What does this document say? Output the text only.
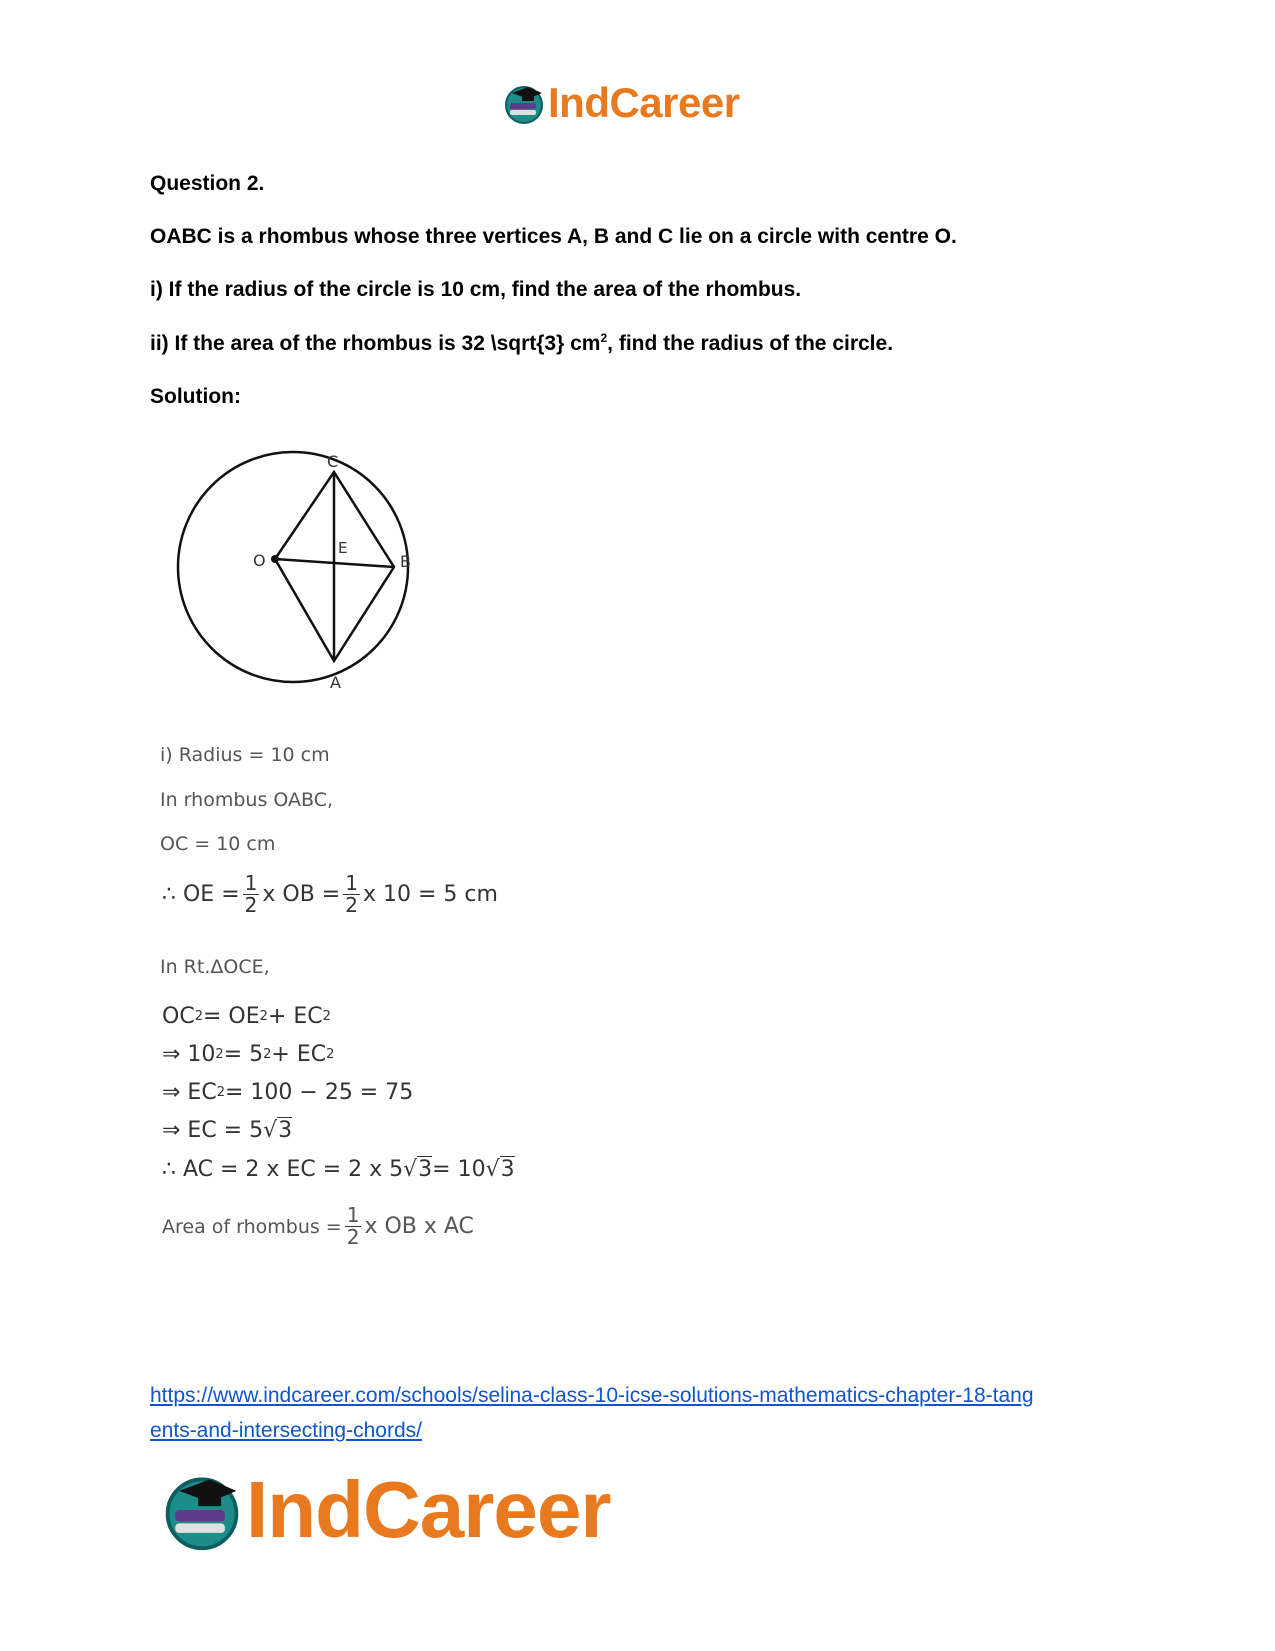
IndCareer
Question 2.
OABC is a rhombus whose three vertices A, B and C lie on a circle with centre O.
i) If the radius of the circle is 10 cm, find the area of the rhombus.
ii) If the area of the rhombus is 32 \sqrt{3} $cm^2$, find the radius of the circle.
Solution:
C
O
E
B
A
i) Radius = 10 cm
In rhombus OABC,
OC = 10 cm
∴ OE = $\frac{1}{2}$ x OB = $\frac{1}{2}$ x 10 = 5 cm
In Rt.ΔOCE,
OC 2 = OE 2 + EC 2
⇒ 10 2 = 5 2 + EC 2
⇒ EC 2 = 100 − 25 = 75
⇒ EC = 5 √3
∴ AC = 2 x EC = 2 x 5 √3 = 10 √3
Area of rhombus = $\frac{1}{2}$ x OB x AC
https://www.indcareer.com/schools/selina-class-10-icse-solutions-mathematics-chapter-18-tang
ents-and-intersecting-chords/
IndCareer
